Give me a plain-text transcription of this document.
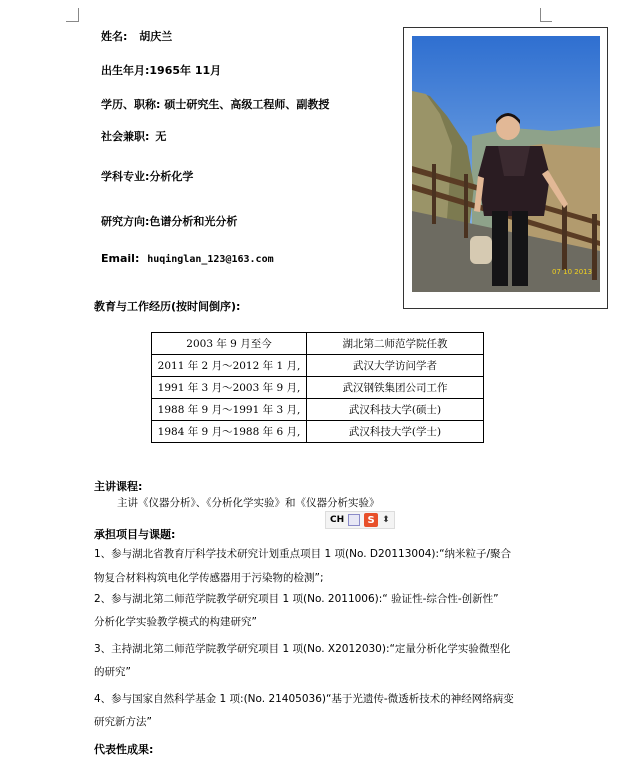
姓名: 胡庆兰
出生年月:1965年 11月
学历、职称: 硕士研究生、高级工程师、副教授
社会兼职: 无
学科专业:分析化学
研究方向:色谱分析和光分析
Email: huqinglan_123@163.com
07 10 2013
教育与工作经历(按时间倒序):
2003 年 9 月至今	湖北第二师范学院任教
2011 年 2 月～2012 年 1 月,	武汉大学访问学者
1991 年 3 月～2003 年 9 月,	武汉钢铁集团公司工作
1988 年 9 月～1991 年 3 月,	武汉科技大学(硕士)
1984 年 9 月～1988 年 6 月,	武汉科技大学(学士)
主讲课程:
主讲《仪器分析》、《分析化学实验》和《仪器分析实验》
CH	S ⬍
承担项目与课题:
1、参与湖北省教育厅科学技术研究计划重点项目 1 项(No. D20113004):“纳米粒子/聚合
物复合材料构筑电化学传感器用于污染物的检测”;
2、参与湖北第二师范学院教学研究项目 1 项(No. 2011006):“ 验证性-综合性-创新性”
分析化学实验教学模式的构建研究”
3、主持湖北第二师范学院教学研究项目 1 项(No. X2012030):“定量分析化学实验微型化
的研究”
4、参与国家自然科学基金 1 项:(No. 21405036)“基于光遗传-微透析技术的神经网络病变
研究新方法”
代表性成果:
